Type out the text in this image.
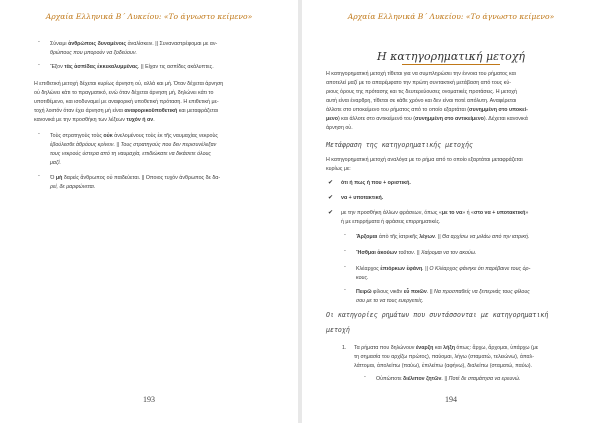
Αρχαία Ελληνικά Β΄ Λυκείου: «Το άγνωστο κείμενο»
- Σύνειμι ἀνθρώποις δυναμένοις ἀναλίσκειν. || Συναναστρέφομαι με αν-
θρώπους που μπορούν να ξοδεύουν.
- Ἔξον τὰς ἀσπίδας ἐκκεκαλυμμένας. || Είχαν τις ασπίδες ακάλυπτες.
Η επιθετική μετοχή δέχεται κυρίως άρνηση οὐ, αλλά και μή. Όταν δέχεται άρνηση
οὐ δηλώνει κάτι το πραγματικό, ενώ όταν δέχεται άρνηση μή, δηλώνει κάτι το
υποτιθέμενο, και ισοδυναμεί με αναφορική υποθετική πρόταση. Η επιθετική με-
τοχή λοιπόν όταν έχει άρνηση μή είναι αναφορικοϋποθετική και μεταφράζεται
κανονικά με την προσθήκη των λέξεων τυχόν ή αν.
- Τοὺς στρατηγοὺς τοὺς οὐκ ἀνελομένους τοὺς ἐκ τῆς ναυμαχίας νεκροὺς
ἐβούλεσθε ἀθρόους κρίνειν. || Τους στρατηγούς που δεν περισυνέλεξαν
τους νεκρούς ύστερα από τη ναυμαχία, επιδιώκατε να δικάσετε όλους
μαζί.
- Ὁ μὴ δαρεὶς ἄνθρωπος οὐ παιδεύεται. || Οποιος τυχόν άνθρωπος δε δα-
ρεί, δε μαρφώνεται.
193
Αρχαία Ελληνικά Β΄ Λυκείου: «Το άγνωστο κείμενο»
Η κατηγορηματική μετοχή
Η κατηγορηματική μετοχή τίθεται για να συμπληρώσει την έννοια του ρήματος και
αποτελεί μαζί με το απαρέμφατο την πρώτη συντακτική μετάβαση από τους κύ-
ριους όρους της πρότασης και τις δευτερεύουσες ονοματικές προτάσεις. Η μετοχή
αυτή είναι έναρθρη, τίθεται σε κάθε χρόνο και δεν είναι ποτέ απόλυτη. Αναφέρεται
άλλοτε στο υποκείμενο του ρήματος από το οποίο εξαρτάται (συνημμένη στο υποκεί-
μενο) και άλλοτε στο αντικείμενό του (συνημμένη στο αντικείμενο). Δέχεται κανονικά
άρνηση οὐ.
Μετάφραση της κατηγορηματικής μετοχής
Η κατηγορηματική μετοχή αναλόγα με το ρήμα από το οποίο εξαρτάται μεταφράζεται
κυρίως με:
✔ ότι ή πως ή που + οριστική.
✔ να + υποτακτική.
✔ με την προσθήκη άλλων φράσεων, όπως «με το να» ή «στο να + υποτακτική»
ή με επιρρήματα ή φράσεις επιρρηματικές.
- Ἄρξομαι ἀπὸ τῆς ἰατρικῆς λέγων. || Θα αρχίσω να μιλάω από την ιατρική.
- Ἥσθμαι ἀκούων τοῦτον. || Χαίρομαι να τον ακούω.
- Κλέαρχος ἐπιόρκων ἐφάνη. || Ο Κλέαρχος φάνηκε ότι παρέβαινε τους όρ-
κους.
- Πειρῶ φίλους νικᾶν εὖ ποιῶν. || Να προσπαθείς να ξεπερνάς τους φίλους
σου με το να τους ευεργετείς.
Οι κατηγορίες ρημάτων που συντάσσονται με κατηγορηματική
μετοχή
1. Τα ρήματα που δηλώνουν έναρξη και λήξη όπως: ἄρχω, ἄρχομαι, ὑπάρχω (με
τη σημασία του αρχίζω πρώτος), παύομαι, λήγω (σταματώ, τελειώνω), ἀπαλ-
λάττομαι, ἀπολείπω (παύω), ἐπιλείπω (αφήνω), διαλείπω (σταματώ, παύω).
- Οὐπώποτε διέλιπον ζητῶν. || Ποτέ δε σταμάτησα να ερευνώ.
194
